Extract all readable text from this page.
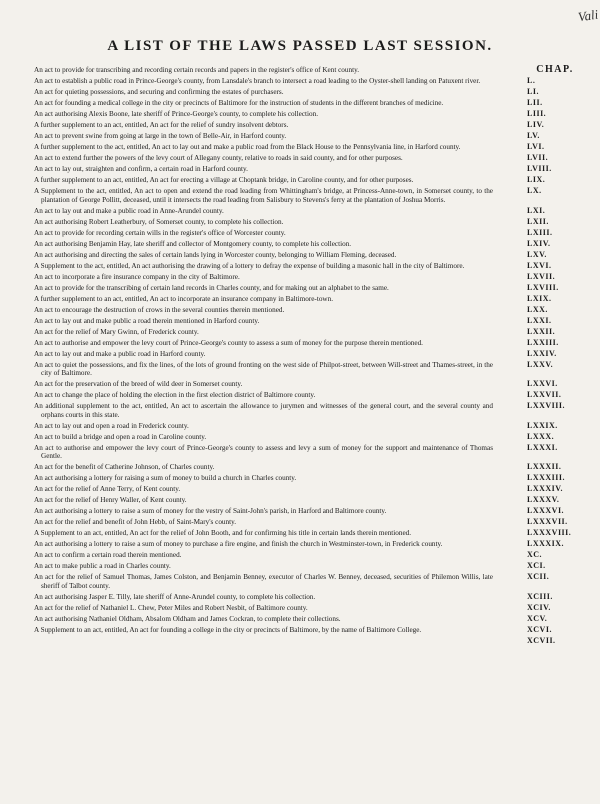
Vali
A LIST OF THE LAWS PASSED LAST SESSION.
CHAP.
An act to provide for transcribing and recording certain records and papers in the register's office of Kent county.
An act to establish a public road in Prince-George's county, from Lansdale's branch to intersect a road leading to the Oyster-shell landing on Patuxent river.	L.
An act for quieting possessions, and securing and confirming the estates of purchasers.	LI.
An act for founding a medical college in the city or precincts of Baltimore for the instruction of students in the different branches of medicine.	LII.
An act authorising Alexis Boone, late sheriff of Prince-George's county, to complete his collection.	LIII.
A further supplement to an act, entitled, An act for the relief of sundry insolvent debtors.	LIV.
An act to prevent swine from going at large in the town of Belle-Air, in Harford county.	LV.
A further supplement to the act, entitled, An act to lay out and make a public road from the Black House to the Pennsylvania line, in Harford county.	LVI.
An act to extend further the powers of the levy court of Allegany county, relative to roads in said county, and for other purposes.	LVII.
An act to lay out, straighten and confirm, a certain road in Harford county.	LVIII.
A further supplement to an act, entitled, An act for erecting a village at Choptank bridge, in Caroline county, and for other purposes.	LIX.
A Supplement to the act, entitled, An act to open and extend the road leading from Whittingham's bridge, at Princess-Anne-town, in Somerset county, to the plantation of George Pollitt, deceased, until it intersects the road leading from Salisbury to Stevens's ferry at the plantation of Joshua Morris.
LX.
An act to lay out and make a public road in Anne-Arundel county.	LXI.
An act authorising Robert Leatherbury, of Somerset county, to complete his collection.	LXII.
An act to provide for recording certain wills in the register's office of Worcester county.	LXIII.
An act authorising Benjamin Hay, late sheriff and collector of Montgomery county, to complete his collection.	LXIV.
An act authorising and directing the sales of certain lands lying in Worcester county, belonging to William Fleming, deceased.	LXV.
A Supplement to the act, entitled, An act authorising the drawing of a lottery to defray the expense of building a masonic hall in the city of Baltimore.	LXVI.
An act to incorporate a fire insurance company in the city of Baltimore.	LXVII.
An act to provide for the transcribing of certain land records in Charles county, and for making out an alphabet to the same.	LXVIII.
A further supplement to an act, entitled, An act to incorporate an insurance company in Baltimore-town.	LXIX.
An act to encourage the destruction of crows in the several counties therein mentioned.	LXX.
An act to lay out and make public a road therein mentioned in Harford county.	LXXI.
An act for the relief of Mary Gwinn, of Frederick county.	LXXII.
An act to authorise and empower the levy court of Prince-George's county to assess a sum of money for the purpose therein mentioned.	LXXIII.
An act to lay out and make a public road in Harford county.	LXXIV.
An act to quiet the possessions, and fix the lines, of the lots of ground fronting on the west side of Philpot-street, between Will-street and Thames-street, in the city of Baltimore.
LXXV.
An act for the preservation of the breed of wild deer in Somerset county.	LXXVI.
An act to change the place of holding the election in the first election district of Baltimore county.	LXXVII.
An additional supplement to the act, entitled, An act to ascertain the allowance to jurymen and witnesses of the general court, and the several county and orphans courts in this state.
LXXVIII.
An act to lay out and open a road in Frederick county.	LXXIX.
An act to build a bridge and open a road in Caroline county.	LXXX.
An act to authorise and empower the levy court of Prince-George's county to assess and levy a sum of money for the support and maintenance of Thomas Gentle.
LXXXI.
An act for the benefit of Catherine Johnson, of Charles county.	LXXXII.
An act authorising a lottery for raising a sum of money to build a church in Charles county.	LXXXIII.
An act for the relief of Anne Terry, of Kent county.	LXXXIV.
An act for the relief of Henry Waller, of Kent county.	LXXXV.
An act authorising a lottery to raise a sum of money for the vestry of Saint-John's parish, in Harford and Baltimore county.	LXXXVI.
An act for the relief and benefit of John Hebb, of Saint-Mary's county.	LXXXVII.
A Supplement to an act, entitled, An act for the relief of John Booth, and for confirming his title in certain lands therein mentioned.	LXXXVIII.
An act authorising a lottery to raise a sum of money to purchase a fire engine, and finish the church in Westminster-town, in Frederick county.	LXXXIX.
An act to confirm a certain road therein mentioned.	XC.
An act to make public a road in Charles county.	XCI.
An act for the relief of Samuel Thomas, James Colston, and Benjamin Benney, executor of Charles W. Benney, deceased, securities of Philemon Willis, late sheriff of Talbot county.
XCII.
An act authorising Jasper E. Tilly, late sheriff of Anne-Arundel county, to complete his collection.	XCIII.
An act for the relief of Nathaniel L. Chew, Peter Miles and Robert Nesbit, of Baltimore county.	XCIV.
An act authorising Nathaniel Oldham, Absalom Oldham and James Cockran, to complete their collections.	XCV.
A Supplement to an act, entitled, An act for founding a college in the city or precincts of Baltimore, by the name of Baltimore College.	XCVI.
XCVII.
